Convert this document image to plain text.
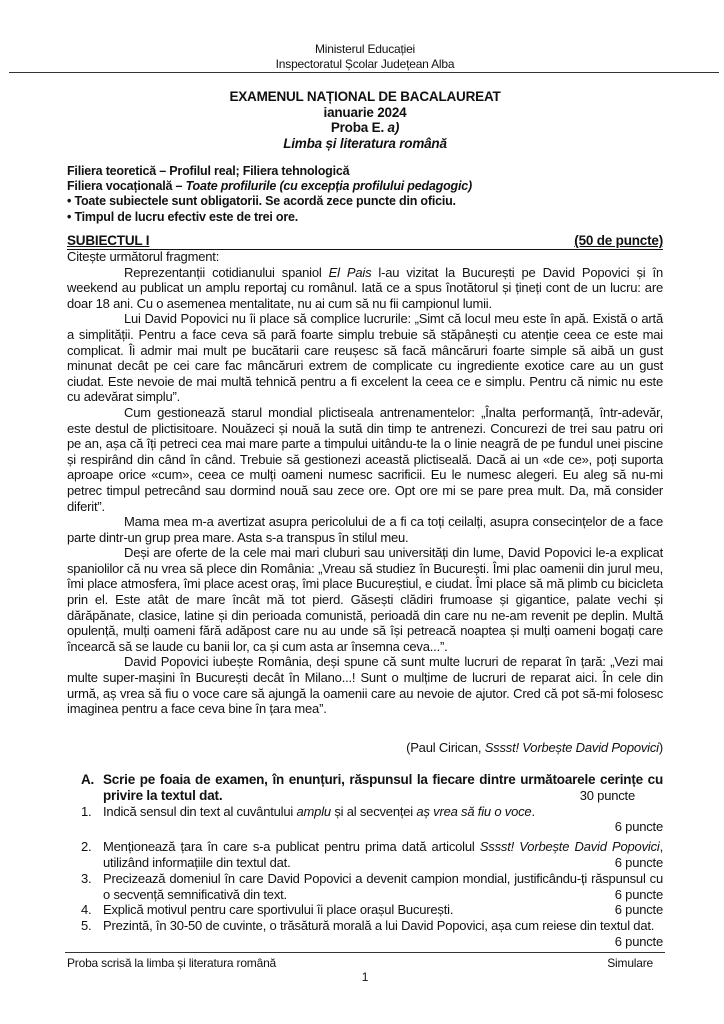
Ministerul Educației
Inspectoratul Școlar Județean Alba
EXAMENUL NAȚIONAL DE BACALAUREAT
ianuarie 2024
Proba E. a)
Limba și literatura română
Filiera teoretică – Profilul real; Filiera tehnologică
Filiera vocațională – Toate profilurile (cu excepția profilului pedagogic)
• Toate subiectele sunt obligatorii. Se acordă zece puncte din oficiu.
• Timpul de lucru efectiv este de trei ore.
SUBIECTUL I	(50 de puncte)

Citește următorul fragment:

Reprezentanții cotidianului spaniol El Pais l-au vizitat la București pe David Popovici și în weekend au publicat un amplu reportaj cu românul. Iată ce a spus înotătorul și țineți cont de un lucru: are doar 18 ani. Cu o asemenea mentalitate, nu ai cum să nu fii campionul lumii.

Lui David Popovici nu îi place să complice lucrurile: „Simt că locul meu este în apă. Există o artă a simplității. Pentru a face ceva să pară foarte simplu trebuie să stăpânești cu atenție ceea ce este mai complicat. Îi admir mai mult pe bucătarii care reușesc să facă mâncăruri foarte simple să aibă un gust minunat decât pe cei care fac mâncăruri extrem de complicate cu ingrediente exotice care au un gust ciudat. Este nevoie de mai multă tehnică pentru a fi excelent la ceea ce e simplu. Pentru că nimic nu este cu adevărat simplu”.

Cum gestionează starul mondial plictiseala antrenamentelor: „Înalta performanță, într-adevăr, este destul de plictisitoare. Nouăzeci și nouă la sută din timp te antrenezi. Concurezi de trei sau patru ori pe an, așa că îți petreci cea mai mare parte a timpului uitându-te la o linie neagră de pe fundul unei piscine și respirând din când în când. Trebuie să gestionezi această plictiseală. Dacă ai un «de ce», poți suporta aproape orice «cum», ceea ce mulți oameni numesc sacrificii. Eu le numesc alegeri. Eu aleg să nu-mi petrec timpul petrecând sau dormind nouă sau zece ore. Opt ore mi se pare prea mult. Da, mă consider diferit”.

Mama mea m-a avertizat asupra pericolului de a fi ca toți ceilalți, asupra consecințelor de a face parte dintr-un grup prea mare. Asta s-a transpus în stilul meu.

Deși are oferte de la cele mai mari cluburi sau universități din lume, David Popovici le-a explicat spaniolilor că nu vrea să plece din România: „Vreau să studiez în București. Îmi plac oamenii din jurul meu, îmi place atmosfera, îmi place acest oraș, îmi place Bucureștiul, e ciudat. Îmi place să mă plimb cu bicicleta prin el. Este atât de mare încât mă tot pierd. Găsești clădiri frumoase și gigantice, palate vechi și dărăpănate, clasice, latine și din perioada comunistă, perioadă din care nu ne-am revenit pe deplin. Multă opulență, mulți oameni fără adăpost care nu au unde să își petreacă noaptea și mulți oameni bogați care încearcă să se laude cu banii lor, ca și cum asta ar însemna ceva...”.

David Popovici iubește România, deși spune că sunt multe lucruri de reparat în țară: „Vezi mai multe super-mașini în București decât în Milano...! Sunt o mulțime de lucruri de reparat aici. În cele din urmă, aș vrea să fiu o voce care să ajungă la oamenii care au nevoie de ajutor. Cred că pot să-mi folosesc imaginea pentru a face ceva bine în țara mea”.

(Paul Cirican, Sssst! Vorbește David Popovici)

A. Scrie pe foaia de examen, în enunțuri, răspunsul la fiecare dintre următoarele cerințe cu privire la textul dat.	30 puncte
1. Indică sensul din text al cuvântului amplu și al secvenței aș vrea să fiu o voce.

6 puncte
2. Menționează țara în care s-a publicat pentru prima dată articolul Sssst! Vorbește David Popovici, utilizând informațiile din textul dat.	6 puncte
3. Precizează domeniul în care David Popovici a devenit campion mondial, justificându-ți răspunsul cu o secvență semnificativă din text.	6 puncte
4. Explică motivul pentru care sportivului îi place orașul București.	6 puncte
5. Prezintă, în 30-50 de cuvinte, o trăsătură morală a lui David Popovici, așa cum reiese din textul dat.
6 puncte
Proba scrisă la limba și literatura română	Simulare
1
